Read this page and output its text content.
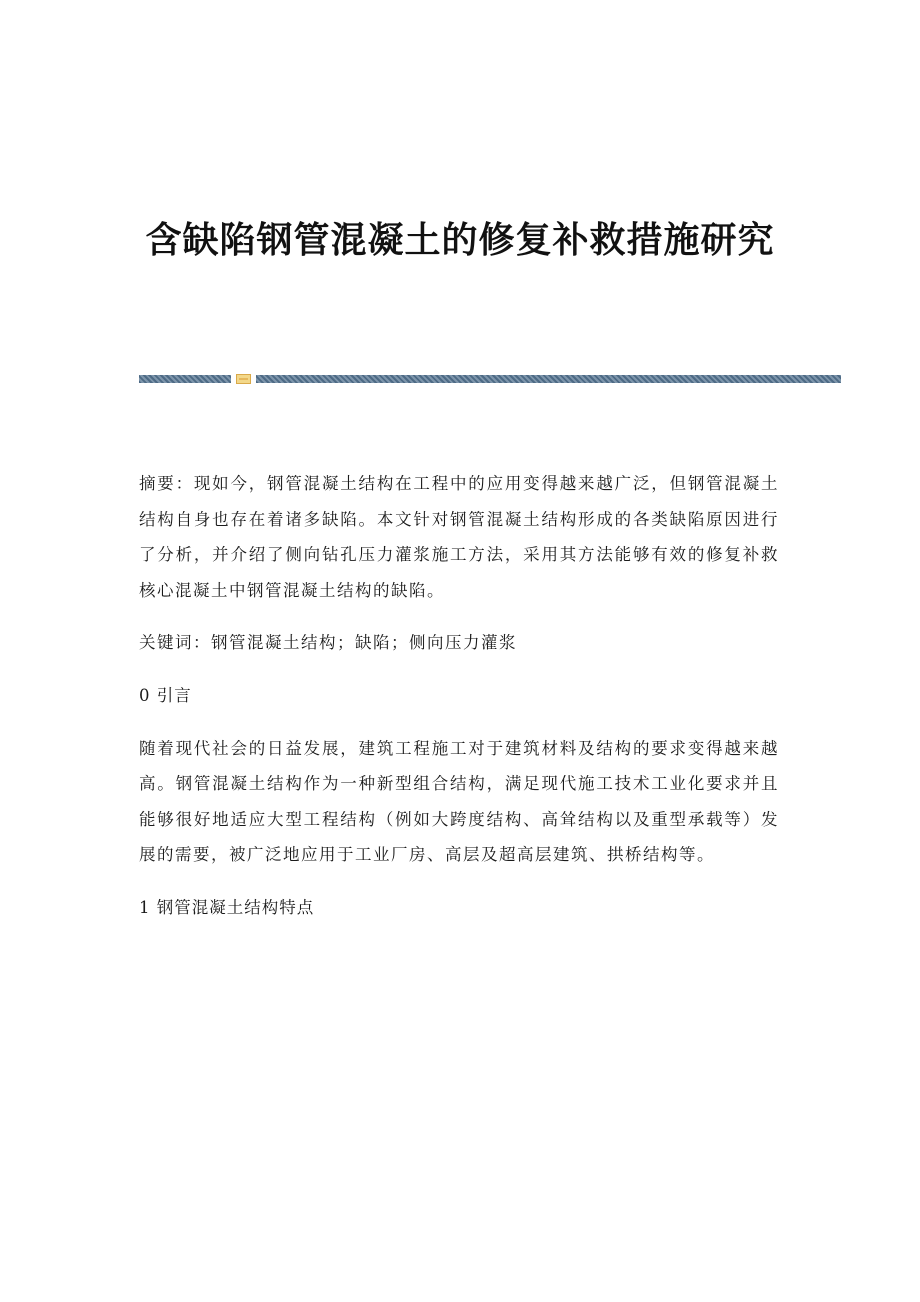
含缺陷钢管混凝土的修复补救措施研究

摘要：现如今，钢管混凝土结构在工程中的应用变得越来越广泛，但钢管混凝土结构自身也存在着诸多缺陷。本文针对钢管混凝土结构形成的各类缺陷原因进行了分析，并介绍了侧向钻孔压力灌浆施工方法，采用其方法能够有效的修复补救核心混凝土中钢管混凝土结构的缺陷。

关键词：钢管混凝土结构；缺陷；侧向压力灌浆

0 引言

随着现代社会的日益发展，建筑工程施工对于建筑材料及结构的要求变得越来越高。钢管混凝土结构作为一种新型组合结构，满足现代施工技术工业化要求并且能够很好地适应大型工程结构（例如大跨度结构、高耸结构以及重型承载等）发展的需要，被广泛地应用于工业厂房、高层及超高层建筑、拱桥结构等。

1 钢管混凝土结构特点
